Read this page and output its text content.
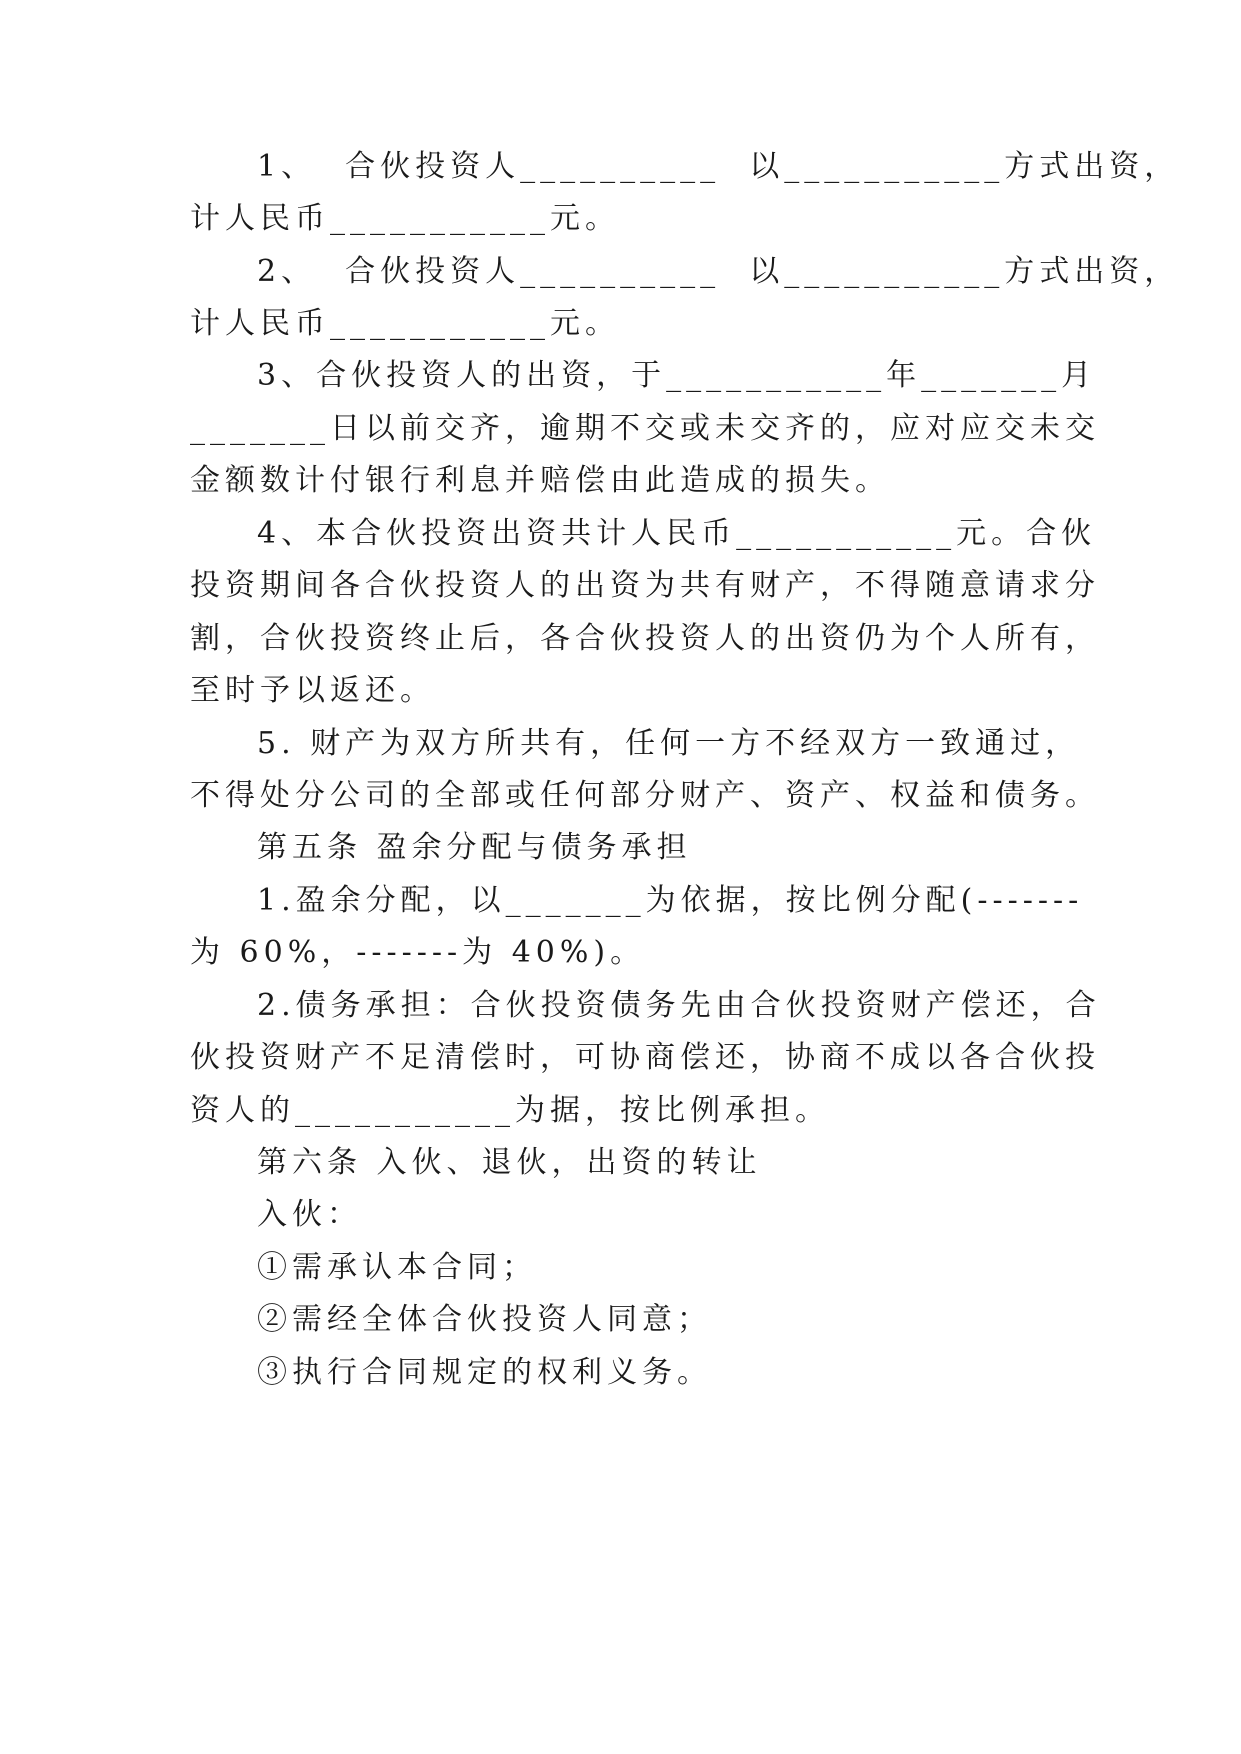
1、  合伙投资人__________  以___________方式出资，
计人民币___________元。
2、  合伙投资人__________  以___________方式出资，
计人民币___________元。
3、合伙投资人的出资，于___________年_______月
_______日以前交齐，逾期不交或未交齐的，应对应交未交
金额数计付银行利息并赔偿由此造成的损失。
4、本合伙投资出资共计人民币___________元。合伙
投资期间各合伙投资人的出资为共有财产，不得随意请求分
割，合伙投资终止后，各合伙投资人的出资仍为个人所有，
至时予以返还。
5. 财产为双方所共有，任何一方不经双方一致通过，
不得处分公司的全部或任何部分财产、资产、权益和债务。
第五条 盈余分配与债务承担
1.盈余分配，以_______为依据，按比例分配(-------
为 60%，-------为 40%)。
2.债务承担：合伙投资债务先由合伙投资财产偿还，合
伙投资财产不足清偿时，可协商偿还，协商不成以各合伙投
资人的___________为据，按比例承担。
第六条 入伙、退伙，出资的转让
入伙：
①需承认本合同；
②需经全体合伙投资人同意；
③执行合同规定的权利义务。
